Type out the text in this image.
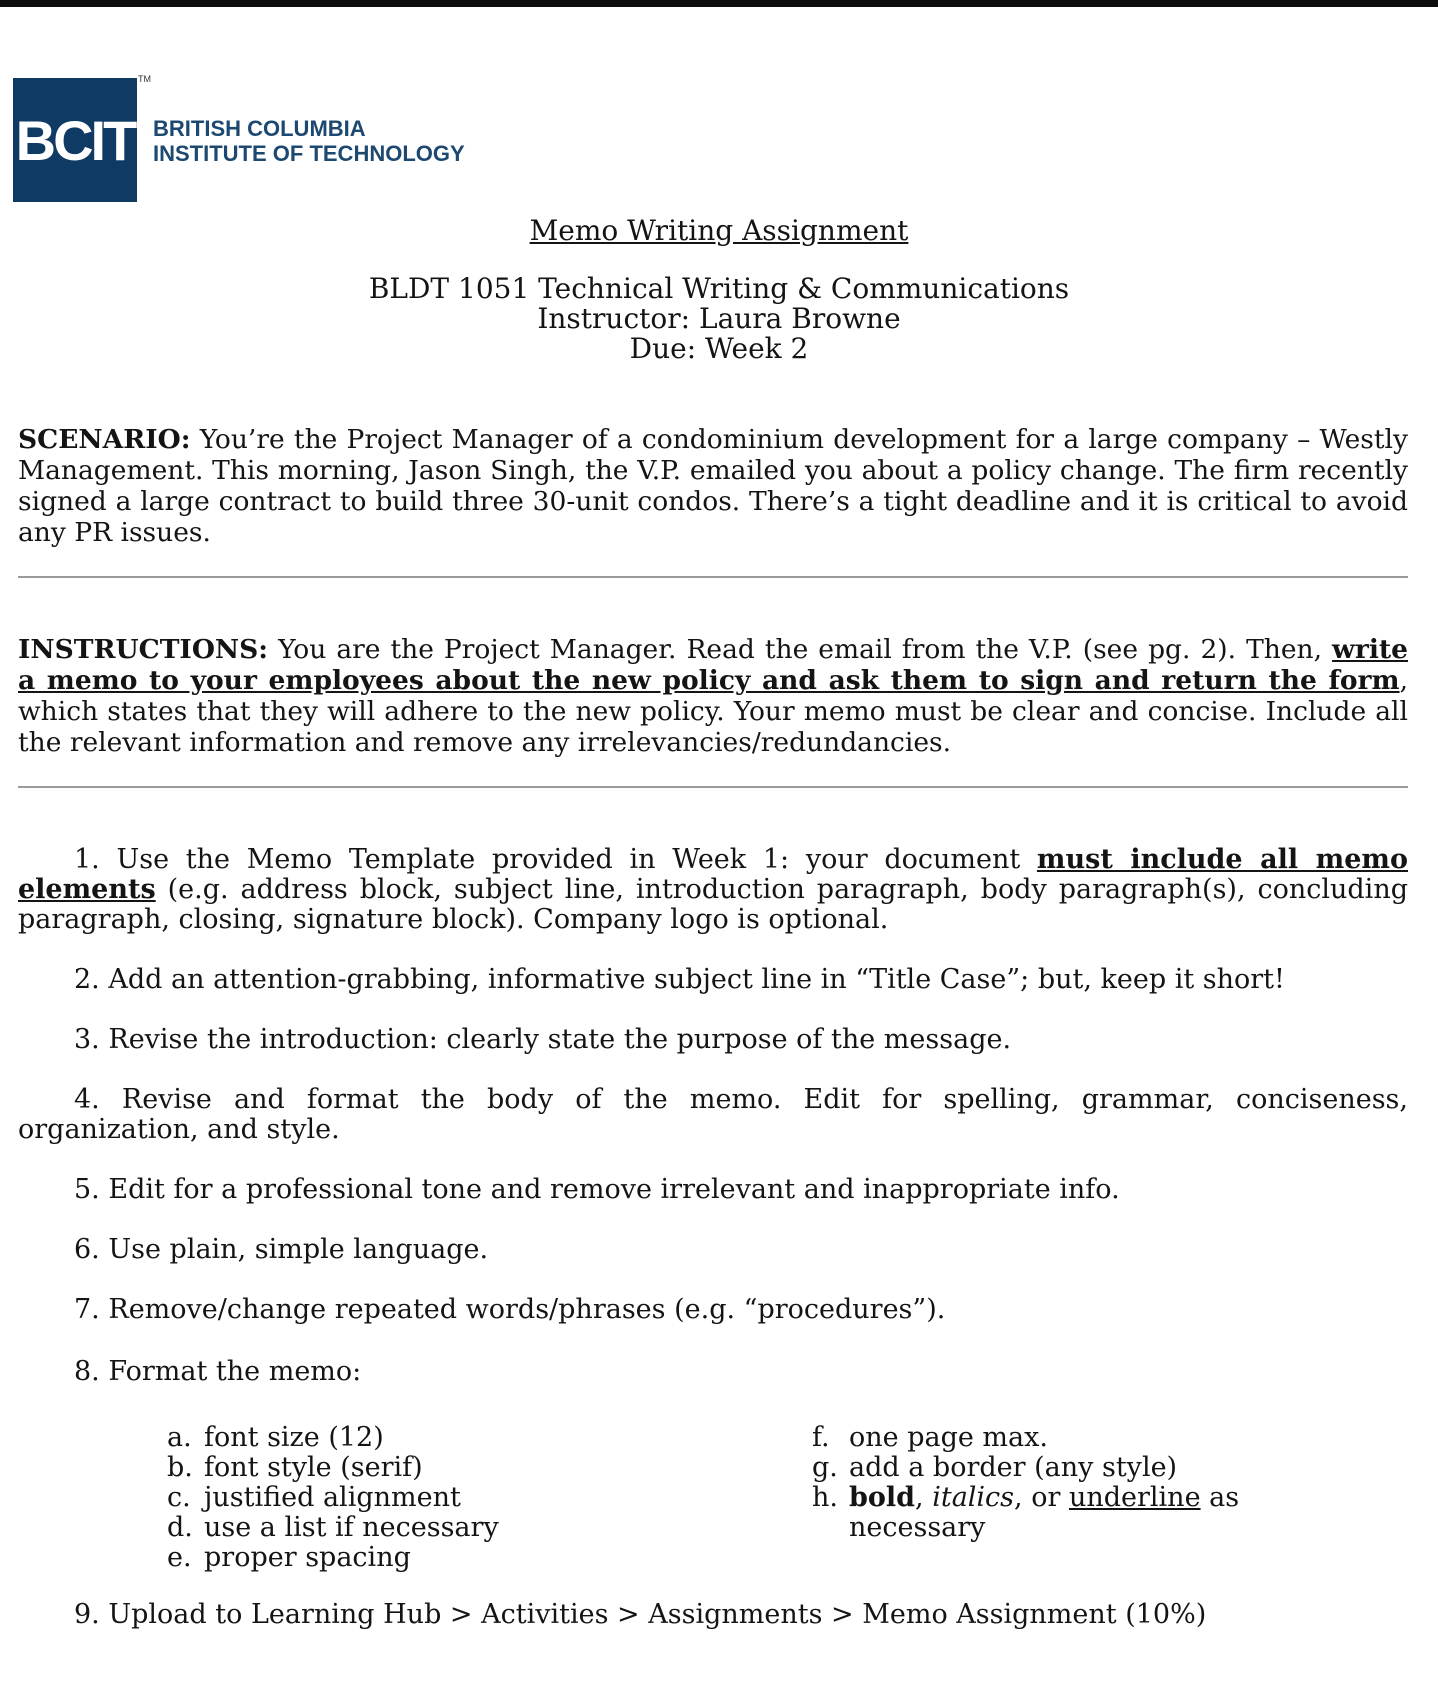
BCIT
TM
BRITISH COLUMBIA
INSTITUTE OF TECHNOLOGY
Memo Writing Assignment
BLDT 1051 Technical Writing & Communications
Instructor: Laura Browne
Due: Week 2
SCENARIO: You’re the Project Manager of a condominium development for a large company – Westly Management. This morning, Jason Singh, the V.P. emailed you about a policy change. The firm recently signed a large contract to build three 30-unit condos. There’s a tight deadline and it is critical to avoid any PR issues.
INSTRUCTIONS: You are the Project Manager. Read the email from the V.P. (see pg. 2). Then, write a memo to your employees about the new policy and ask them to sign and return the form, which states that they will adhere to the new policy. Your memo must be clear and concise. Include all the relevant information and remove any irrelevancies/redundancies.
1. Use the Memo Template provided in Week 1: your document must include all memo elements (e.g. address block, subject line, introduction paragraph, body paragraph(s), concluding paragraph, closing, signature block). Company logo is optional.
2. Add an attention-grabbing, informative subject line in “Title Case”; but, keep it short!
3. Revise the introduction: clearly state the purpose of the message.
4. Revise and format the body of the memo. Edit for spelling, grammar, conciseness, organization, and style.
5. Edit for a professional tone and remove irrelevant and inappropriate info.
6. Use plain, simple language.
7. Remove/change repeated words/phrases (e.g. “procedures”).
8. Format the memo:
a. font size (12)
b. font style (serif)
c. justified alignment
d. use a list if necessary
e. proper spacing
f. one page max.
g. add a border (any style)
h. bold, italics, or underline as necessary
9. Upload to Learning Hub > Activities > Assignments > Memo Assignment (10%)
